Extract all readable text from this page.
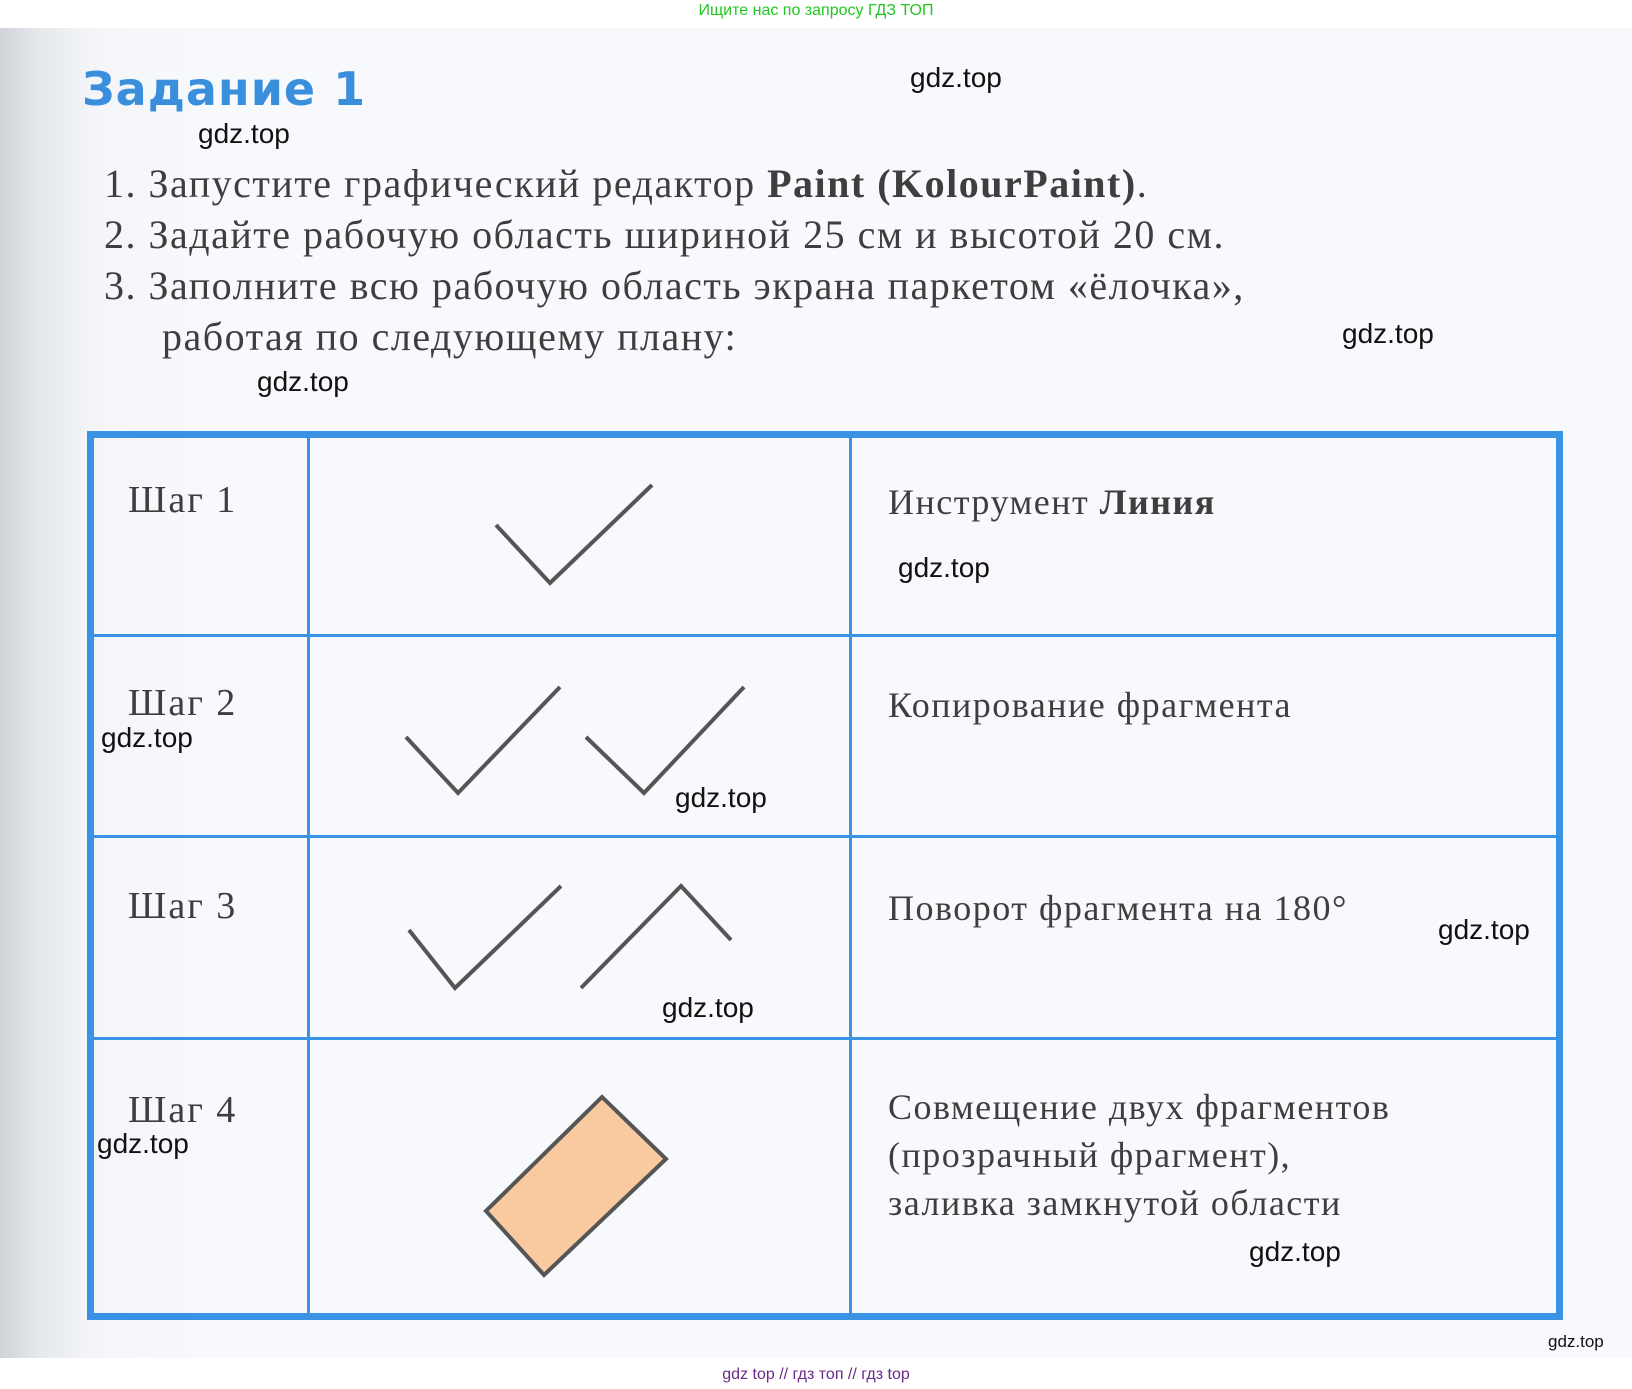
Ищите нас по запросу ГДЗ ТОП
Задание 1
1. Запустите графический редактор Paint (KolourPaint).
2. Задайте рабочую область шириной 25 см и высотой 20 см.
3. Заполните всю рабочую область экрана паркетом «ёлочка»,
работая по следующему плану:
Шаг 1	Инструмент Линия
Шаг 2	Копирование фрагмента
Шаг 3	Поворот фрагмента на 180°
Шаг 4	Совмещение двух фрагментов
(прозрачный фрагмент),
заливка замкнутой области
gdz.top
gdz.top
gdz.top
gdz.top
gdz.top
gdz.top
gdz.top
gdz.top
gdz.top
gdz.top
gdz.top
gdz.top
gdz top // гдз топ // гдз top
